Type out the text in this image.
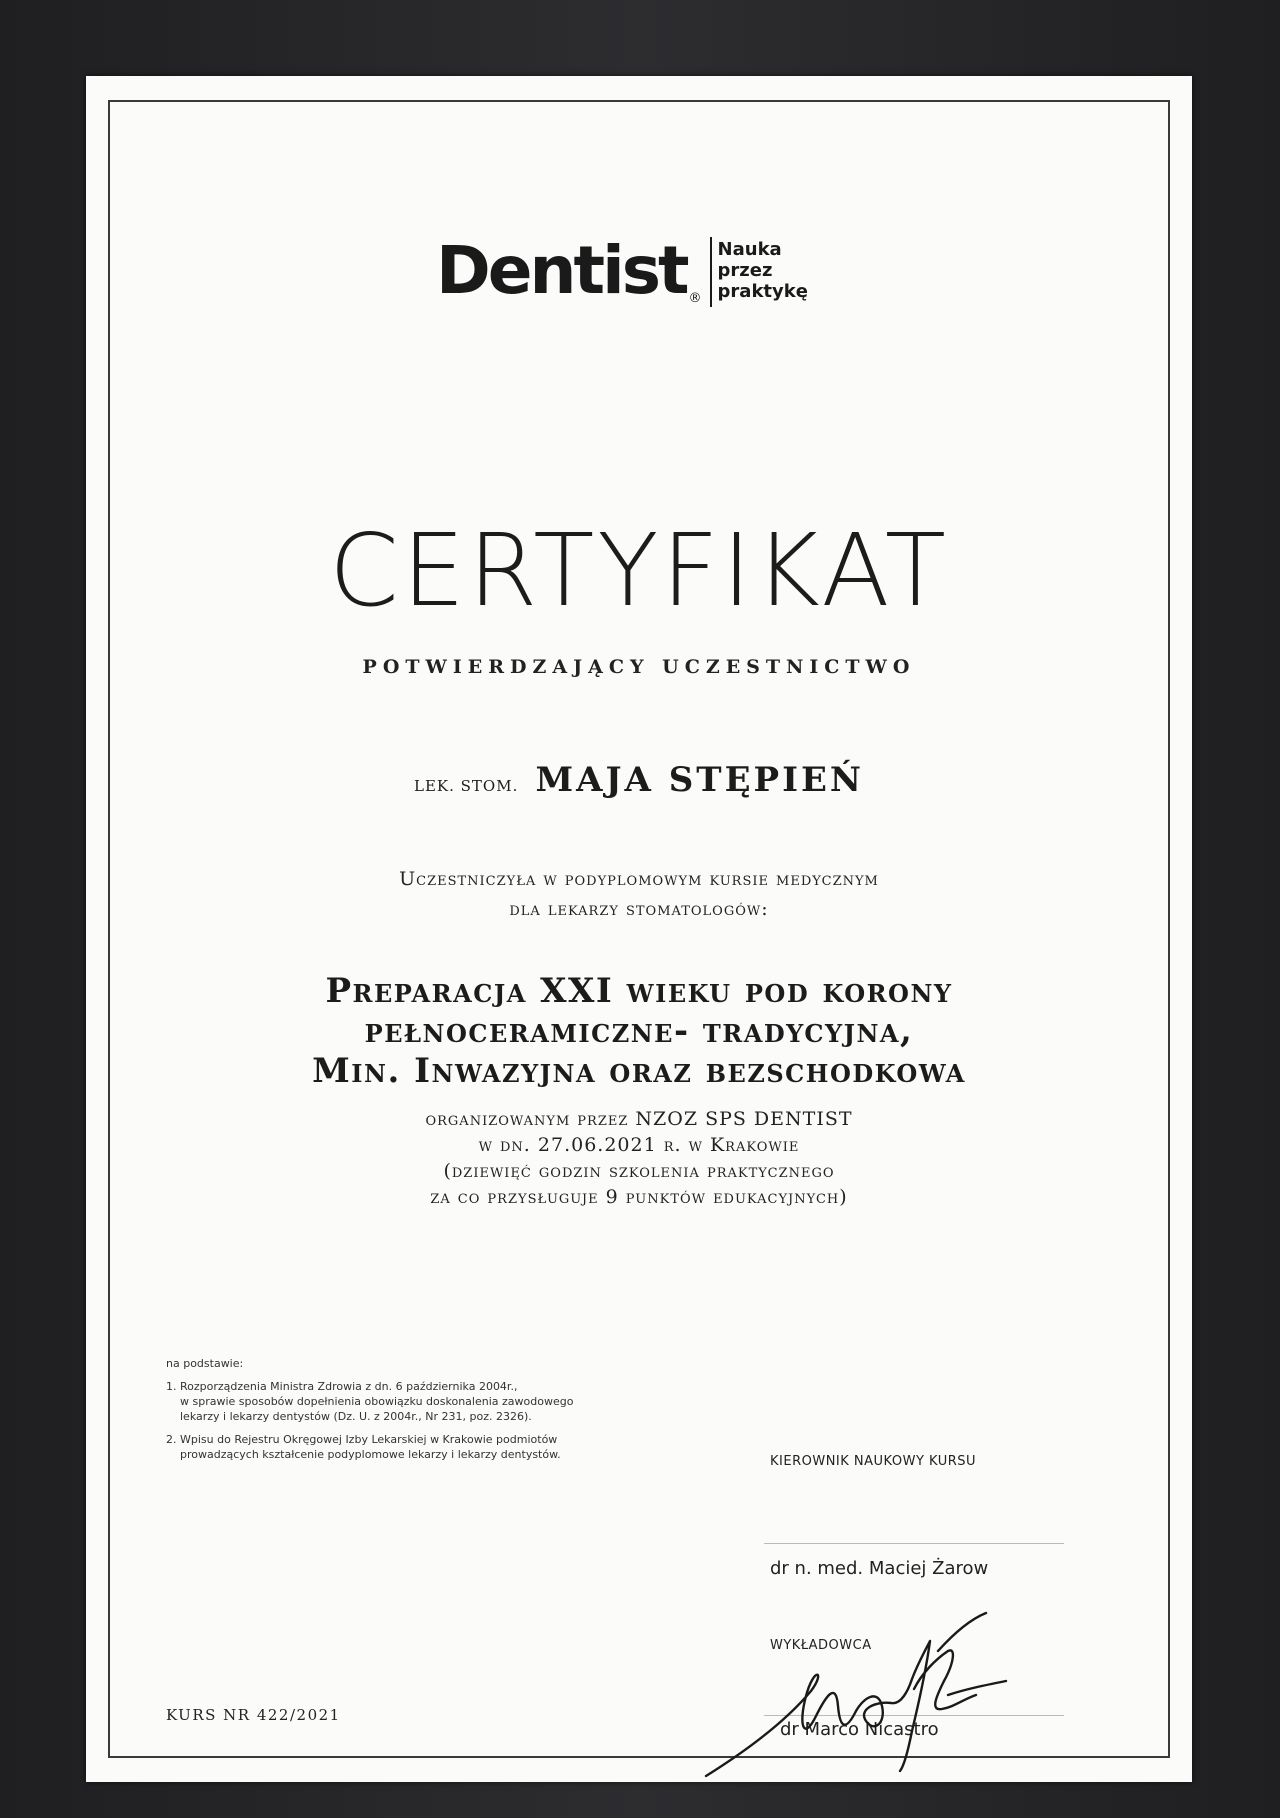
Dentist ®
Nauka
przez
praktykę
CERTYFIKAT
POTWIERDZAJĄCY UCZESTNICTWO
LEK. STOM. MAJA STĘPIEŃ
Uczestniczyła w podyplomowym kursie medycznym
dla lekarzy stomatologów:
Preparacja XXI wieku pod korony
pełnoceramiczne- tradycyjna,
Min. Inwazyjna oraz bezschodkowa
organizowanym przez NZOZ SPS DENTIST
w dn. 27.06.2021 r. w Krakowie
(dziewięć godzin szkolenia praktycznego
za co przysługuje 9 punktów edukacyjnych)

na podstawie:

1. Rozporządzenia Ministra Zdrowia z dn. 6 października 2004r.,
w sprawie sposobów dopełnienia obowiązku doskonalenia zawodowego
lekarzy i lekarzy dentystów (Dz. U. z 2004r., Nr 231, poz. 2326).
2. Wpisu do Rejestru Okręgowej Izby Lekarskiej w Krakowie podmiotów
prowadzących kształcenie podyplomowe lekarzy i lekarzy dentystów.
KURS NR 422/2021
KIEROWNIK NAUKOWY KURSU
dr n. med. Maciej Żarow
WYKŁADOWCA
dr Marco Nicastro
